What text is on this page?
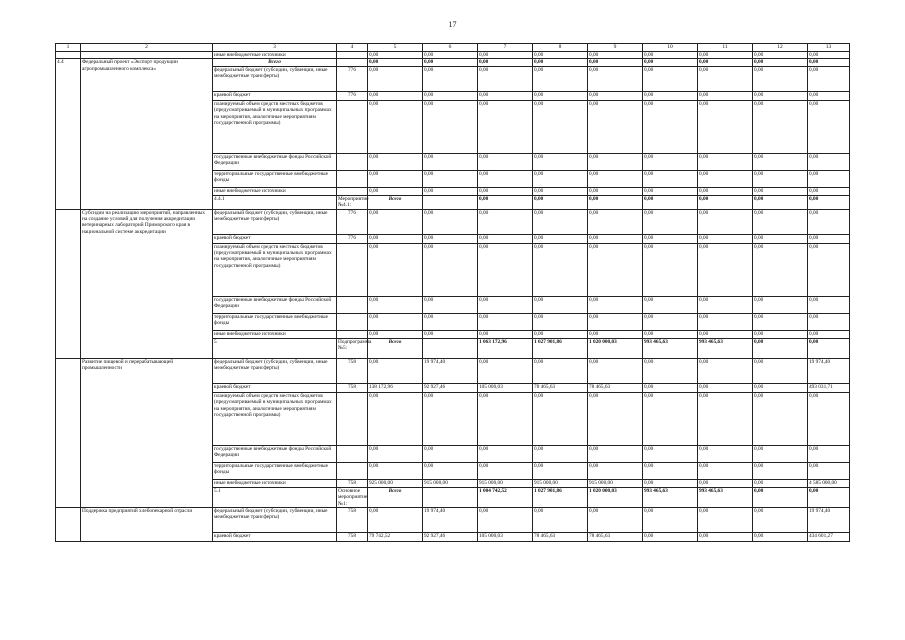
17
1	2	3	4	5	6	7	8	9	10	11	12	13	
		иные внебюджетные источники		0,00	0,00	0,00	0,00	0,00	0,00	0,00	0,00	0,00	
4.4	Федеральный проект «Экспорт продукции агропромышленного комплекса»	Всего		0,00	0,00	0,00	0,00	0,00	0,00	0,00	0,00	0,00	
		федеральный бюджет (субсидии, субвенции, иные межбюджетные трансферты)	776	0,00	0,00	0,00	0,00	0,00	0,00	0,00	0,00	0,00	
		краевой бюджет	776	0,00	0,00	0,00	0,00	0,00	0,00	0,00	0,00	0,00	
		планируемый объем средств местных бюджетов (предусматриваемый в муниципальных программах на мероприятия, аналогичные мероприятиям государственной программы)		0,00	0,00	0,00	0,00	0,00	0,00	0,00	0,00	0,00	
		государственные внебюджетные фонды Российской Федерации		0,00	0,00	0,00	0,00	0,00	0,00	0,00	0,00	0,00	
		территориальные государственные внебюджетные фонды		0,00	0,00	0,00	0,00	0,00	0,00	0,00	0,00	0,00	
		иные внебюджетные источники		0,00	0,00	0,00	0,00	0,00	0,00	0,00	0,00	0,00	
		4.4.1	Мероприятие №4.1:	Всего		0,00	0,00	0,00	0,00	0,00	0,00	0,00		
	Субсидии на реализацию мероприятий, направленных на создание условий для получения аккредитации ветеринарных лабораторий Приморского края в национальной системе аккредитации	федеральный бюджет (субсидии, субвенции, иные межбюджетные трансферты)	776	0,00	0,00	0,00	0,00	0,00	0,00	0,00	0,00	0,00	
		краевой бюджет	776	0,00	0,00	0,00	0,00	0,00	0,00	0,00	0,00	0,00	
		планируемый объем средств местных бюджетов (предусматриваемый в муниципальных программах на мероприятия, аналогичные мероприятиям государственной программы)		0,00	0,00	0,00	0,00	0,00	0,00	0,00	0,00	0,00	
		государственные внебюджетные фонды Российской Федерации		0,00	0,00	0,00	0,00	0,00	0,00	0,00	0,00	0,00	
		территориальные государственные внебюджетные фонды		0,00	0,00	0,00	0,00	0,00	0,00	0,00	0,00	0,00	
		иные внебюджетные источники		0,00	0,00	0,00	0,00	0,00	0,00	0,00	0,00	0,00	
		5	Подпрограмма №5:	Всего		1 063 172,96	1 027 901,86	1 020 000,03	993 465,63	993 465,63	0,00	0,00		
	Развитие пищевой и перерабатывающей промышленности	федеральный бюджет (субсидии, субвенции, иные межбюджетные трансферты)	758	0,00	19 974,40	0,00	0,00	0,00	0,00	0,00	0,00	19 974,40	
		краевой бюджет	758	138 172,96	92 927,46	105 000,03	78 465,63	78 465,63	0,00	0,00	0,00	493 031,71	
		планируемый объем средств местных бюджетов (предусматриваемый в муниципальных программах на мероприятия, аналогичные мероприятиям государственной программы)		0,00	0,00	0,00	0,00	0,00	0,00	0,00	0,00	0,00	
		государственные внебюджетные фонды Российской Федерации		0,00	0,00	0,00	0,00	0,00	0,00	0,00	0,00	0,00	
		территориальные государственные внебюджетные фонды		0,00	0,00	0,00	0,00	0,00	0,00	0,00	0,00	0,00	
		иные внебюджетные источники	758	925 000,00	915 000,00	915 000,00	915 000,00	915 000,00	0,00	0,00	0,00	4 585 000,00	
		5.1	Основное мероприятие №1:	Всего		1 004 742,52	1 027 901,86	1 020 000,03	993 465,63	993 465,63	0,00	0,00		
	Поддержка предприятий хлебопекарной отрасли	федеральный бюджет (субсидии, субвенции, иные межбюджетные трансферты)	758	0,00	19 974,40	0,00	0,00	0,00	0,00	0,00	0,00	19 974,40	
		краевой бюджет	758	79 742,52	92 927,46	105 000,03	78 465,63	78 465,63	0,00	0,00	0,00	434 601,27	
